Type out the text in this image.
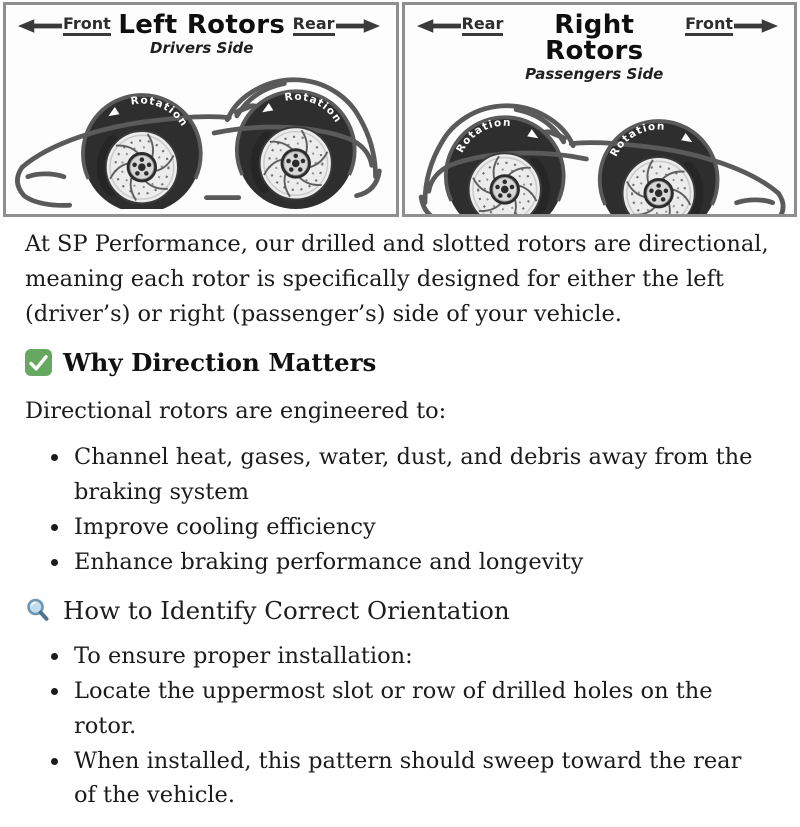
Front Left Rotors
Drivers Side
Rear
Rotation
Rotation
Rear	Right Rotors
Passengers Side
Front
Rotation
Rotation

At SP Performance, our drilled and slotted rotors are directional, meaning each rotor is specifically designed for either the left (driver’s) or right (passenger’s) side of your vehicle.

Why Direction Matters

Directional rotors are engineered to:

• Channel heat, gases, water, dust, and debris away from the braking system
• Improve cooling efficiency
• Enhance braking performance and longevity
How to Identify Correct Orientation
• To ensure proper installation:
• Locate the uppermost slot or row of drilled holes on the rotor.
• When installed, this pattern should sweep toward the rear of the vehicle.
